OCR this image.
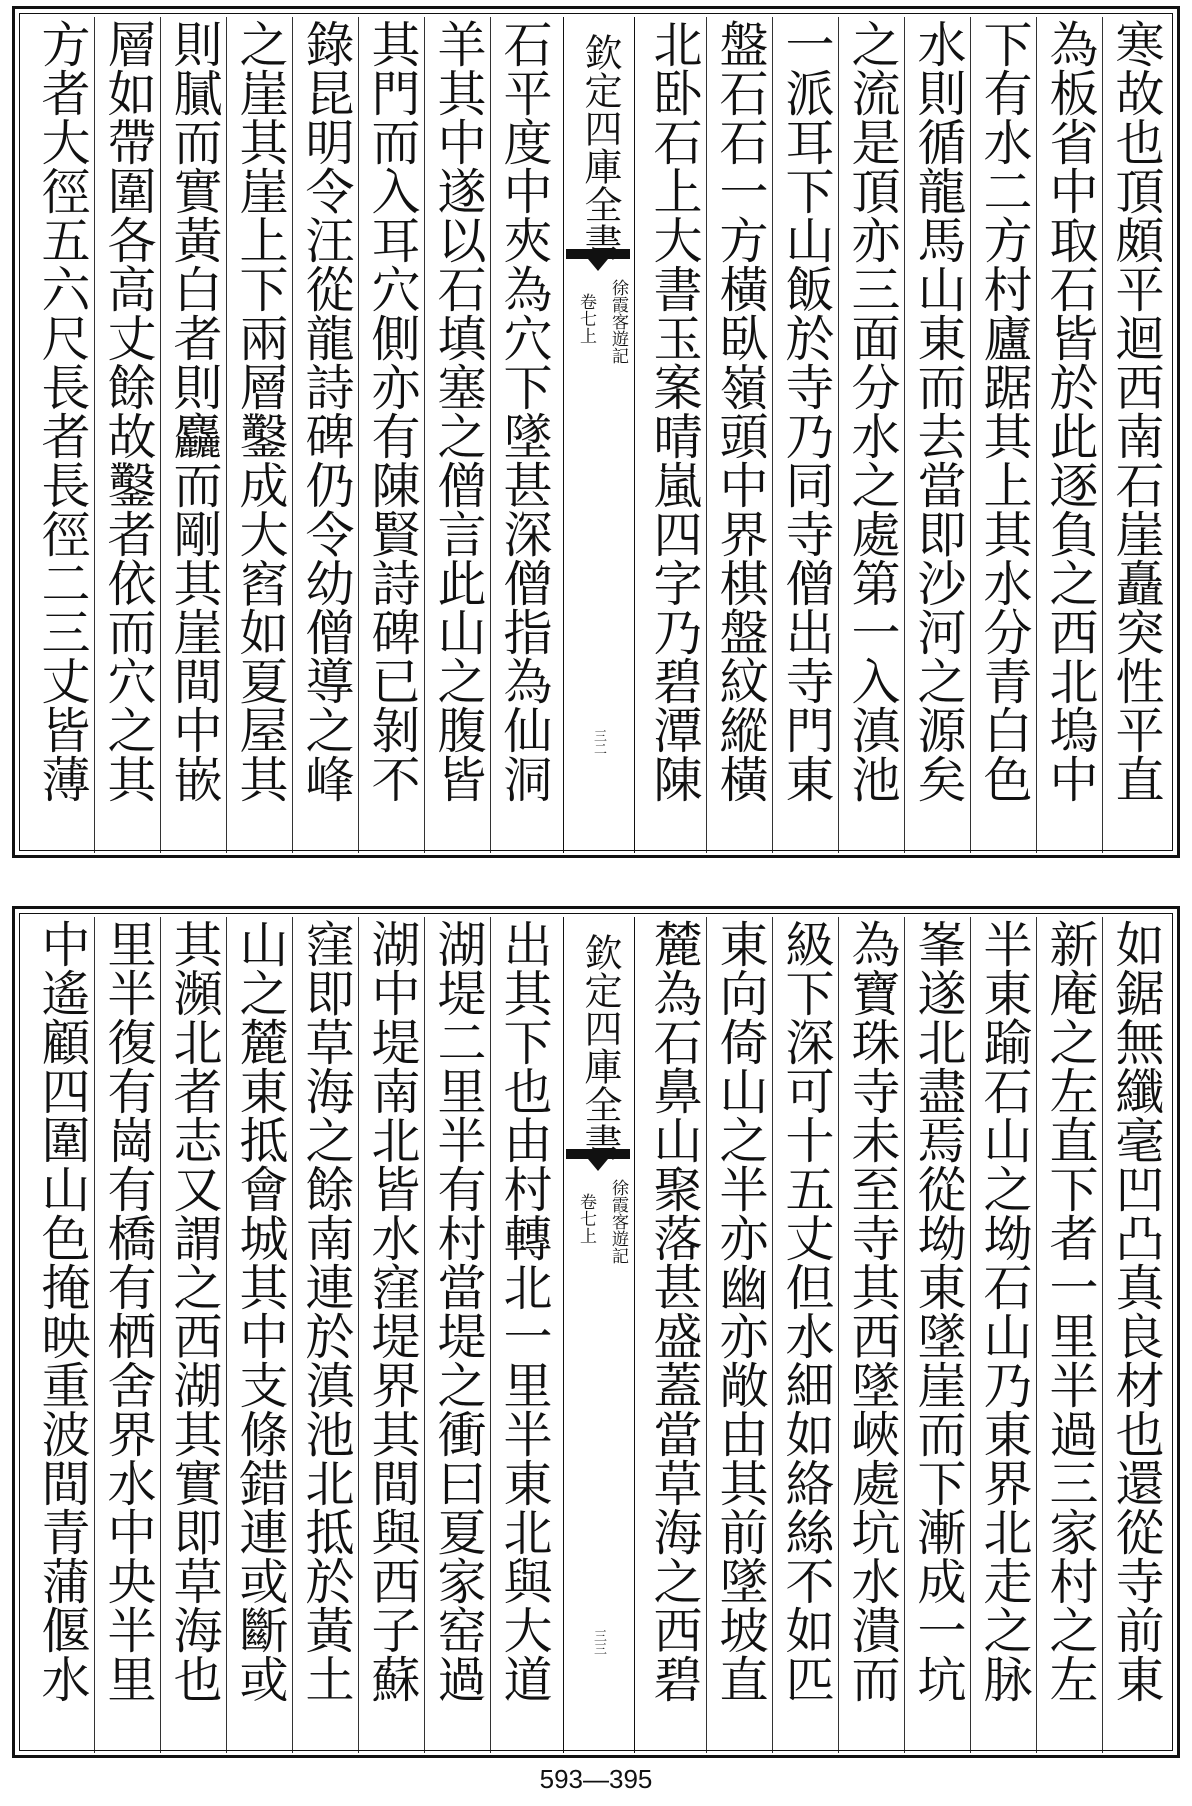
寒故也頂頗平迴西南石崖矗突性平直
為板省中取石皆於此逐負之西北塢中
下有水二方村廬踞其上其水分青白色
水則循龍馬山東而去當即沙河之源矣
之流是頂亦三面分水之處第一入滇池
一派耳下山飯於寺乃同寺僧出寺門東
盤石石一方橫臥嶺頭中界棋盤紋縱橫
北卧石上大書玉案晴嵐四字乃碧潭陳
石平度中夾為穴下墜甚深僧指為仙洞
羊其中遂以石填塞之僧言此山之腹皆
其門而入耳穴側亦有陳賢詩碑已剝不
錄昆明令汪從龍詩碑仍令幼僧導之峰
之崖其崖上下兩層鑿成大窞如夏屋其
則膩而實黃白者則麤而剛其崖間中嵌
層如帶圍各高丈餘故鑿者依而穴之其
方者大徑五六尺長者長徑二三丈皆薄
欽定四庫全書
徐霞客遊記
卷七上
三二
如鋸無纖毫凹凸真良材也還從寺前東
新庵之左直下者一里半過三家村之左
半東踰石山之坳石山乃東界北走之脉
峯遂北盡焉從坳東墜崖而下漸成一坑
為寶珠寺未至寺其西墜峽處坑水潰而
級下深可十五丈但水細如絡絲不如匹
東向倚山之半亦幽亦敞由其前墜坡直
麓為石鼻山聚落甚盛蓋當草海之西碧
出其下也由村轉北一里半東北與大道
湖堤二里半有村當堤之衝曰夏家窑過
湖中堤南北皆水窪堤界其間與西子蘇
窪即草海之餘南連於滇池北抵於黃土
山之麓東抵會城其中支條錯連或斷或
其瀕北者志又謂之西湖其實即草海也
里半復有崗有橋有栖舍界水中央半里
中遙顧四圍山色掩映重波間青蒲偃水
欽定四庫全書
徐霞客遊記
卷七上
三三
593—395
